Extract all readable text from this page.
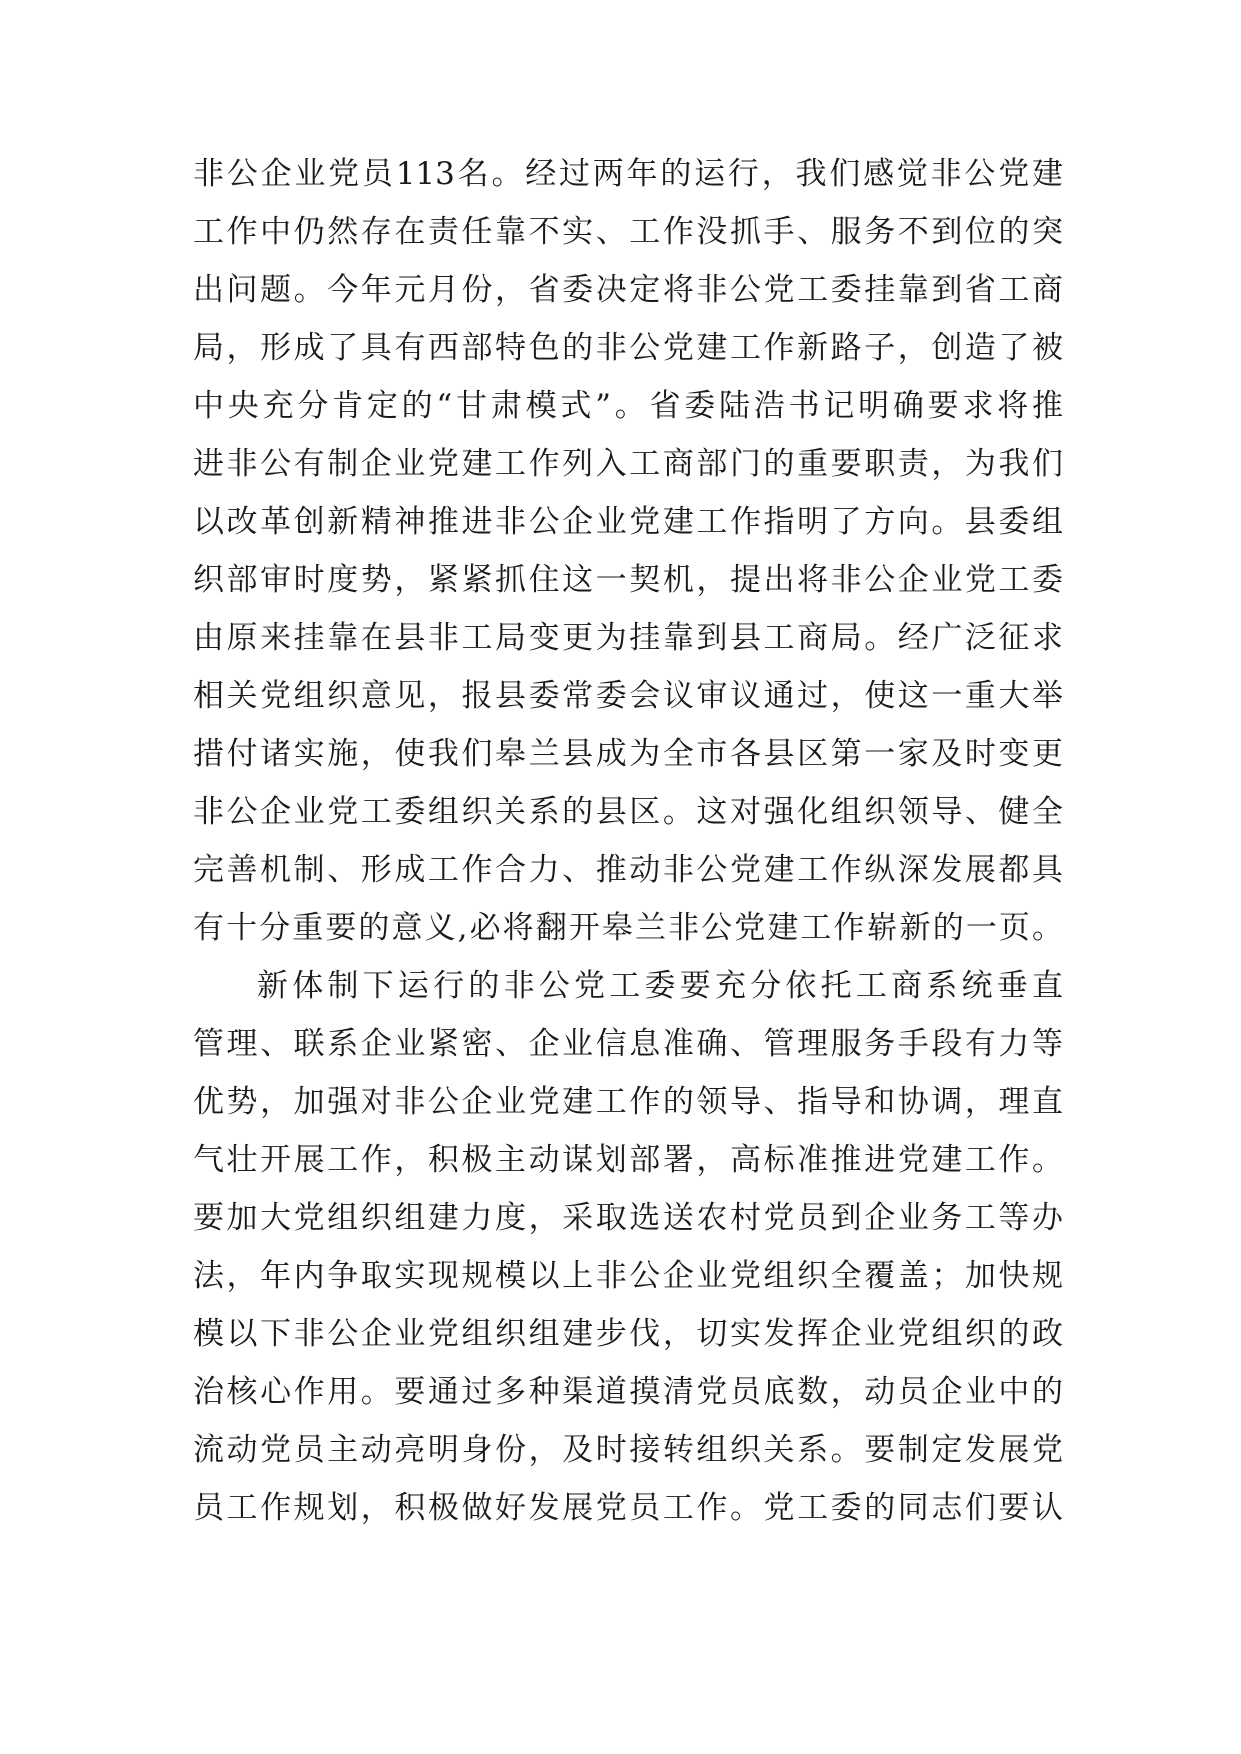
非公企业党员113名。经过两年的运行，我们感觉非公党建

工作中仍然存在责任靠不实、工作没抓手、服务不到位的突

出问题。今年元月份，省委决定将非公党工委挂靠到省工商

局，形成了具有西部特色的非公党建工作新路子，创造了被

中央充分肯定的“甘肃模式”。省委陆浩书记明确要求将推

进非公有制企业党建工作列入工商部门的重要职责，为我们

以改革创新精神推进非公企业党建工作指明了方向。县委组

织部审时度势，紧紧抓住这一契机，提出将非公企业党工委

由原来挂靠在县非工局变更为挂靠到县工商局。经广泛征求

相关党组织意见，报县委常委会议审议通过，使这一重大举

措付诸实施，使我们皋兰县成为全市各县区第一家及时变更

非公企业党工委组织关系的县区。这对强化组织领导、健全

完善机制、形成工作合力、推动非公党建工作纵深发展都具

有十分重要的意义,必将翻开皋兰非公党建工作崭新的一页。

新体制下运行的非公党工委要充分依托工商系统垂直

管理、联系企业紧密、企业信息准确、管理服务手段有力等

优势，加强对非公企业党建工作的领导、指导和协调，理直

气壮开展工作，积极主动谋划部署，高标准推进党建工作。

要加大党组织组建力度，采取选送农村党员到企业务工等办

法，年内争取实现规模以上非公企业党组织全覆盖；加快规

模以下非公企业党组织组建步伐，切实发挥企业党组织的政

治核心作用。要通过多种渠道摸清党员底数，动员企业中的

流动党员主动亮明身份，及时接转组织关系。要制定发展党

员工作规划，积极做好发展党员工作。党工委的同志们要认
